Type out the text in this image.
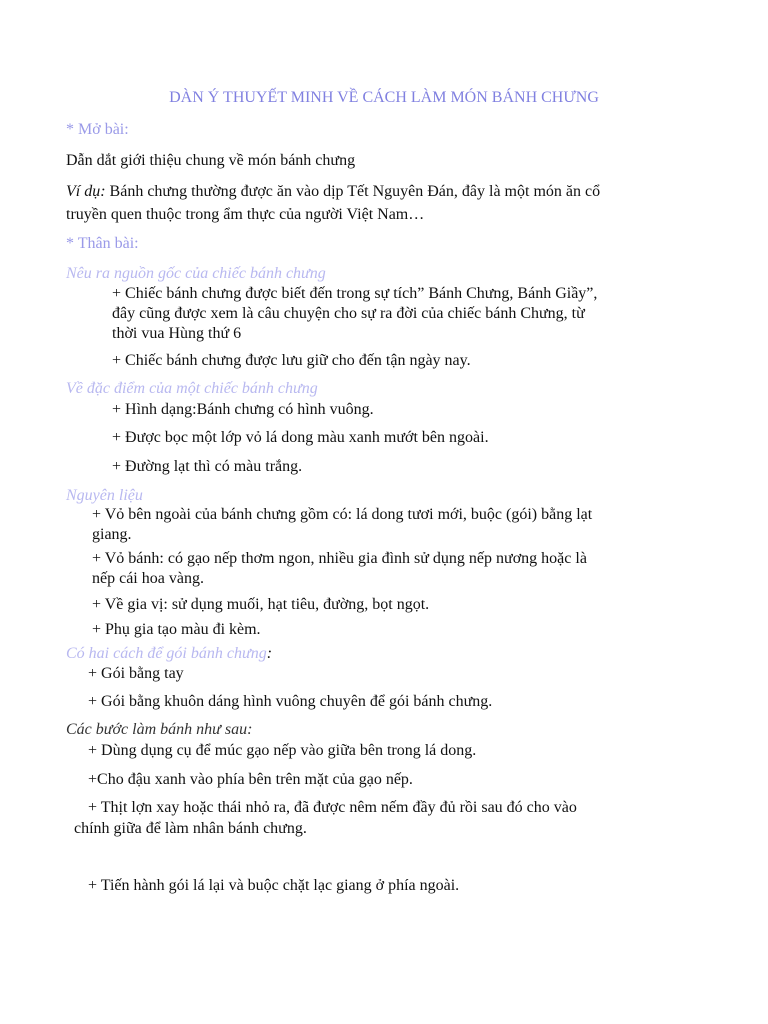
DÀN Ý THUYẾT MINH VỀ CÁCH LÀM MÓN BÁNH CHƯNG
* Mở bài:
Dẫn dắt giới thiệu chung về món bánh chưng
Ví dụ: Bánh chưng thường được ăn vào dịp Tết Nguyên Đán, đây là một món ăn cổ
truyền quen thuộc trong ẩm thực của người Việt Nam…
* Thân bài:
Nêu ra nguồn gốc của chiếc bánh chưng
+ Chiếc bánh chưng được biết đến trong sự tích” Bánh Chưng, Bánh Giầy”,
đây cũng được xem là câu chuyện cho sự ra đời của chiếc bánh Chưng, từ
thời vua Hùng thứ 6
+ Chiếc bánh chưng được lưu giữ cho đến tận ngày nay.
Về đặc điểm của một chiếc bánh chưng
+ Hình dạng:Bánh chưng có hình vuông.
+ Được bọc một lớp vỏ lá dong màu xanh mướt bên ngoài.
+ Đường lạt thì có màu trắng.
Nguyên liệu
+ Vỏ bên ngoài của bánh chưng gồm có: lá dong tươi mới, buộc (gói) bằng lạt
giang.
+ Vỏ bánh: có gạo nếp thơm ngon, nhiều gia đình sử dụng nếp nương hoặc là
nếp cái hoa vàng.
+ Về gia vị: sử dụng muối, hạt tiêu, đường, bọt ngọt.
+ Phụ gia tạo màu đi kèm.
Có hai cách để gói bánh chưng:
+ Gói bằng tay
+ Gói bằng khuôn dáng hình vuông chuyên để gói bánh chưng.
Các bước làm bánh như sau:
+ Dùng dụng cụ để múc gạo nếp vào giữa bên trong lá dong.
+Cho đậu xanh vào phía bên trên mặt của gạo nếp.
+ Thịt lợn xay hoặc thái nhỏ ra, đã được nêm nếm đầy đủ rồi sau đó cho vào
chính giữa để làm nhân bánh chưng.
+ Tiến hành gói lá lại và buộc chặt lạc giang ở phía ngoài.
